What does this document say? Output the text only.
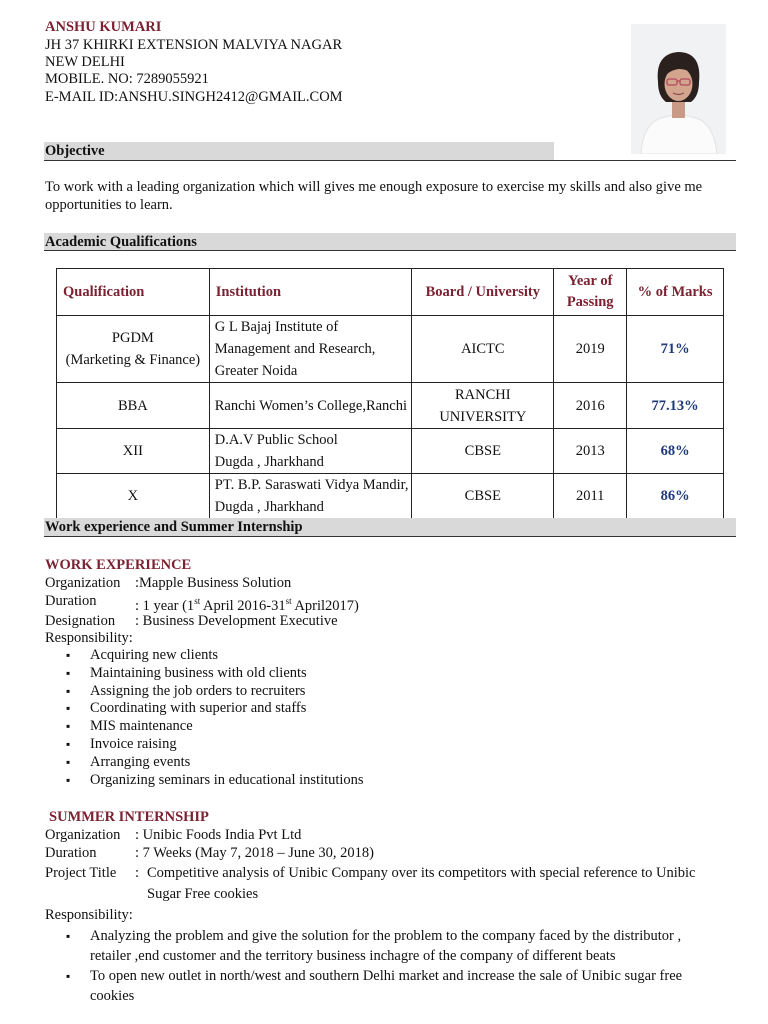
ANSHU KUMARI
JH 37 KHIRKI EXTENSION MALVIYA NAGAR
NEW DELHI
MOBILE. NO: 7289055921
E-MAIL ID:ANSHU.SINGH2412@GMAIL.COM
Objective
To work with a leading organization which will gives me enough exposure to exercise my skills and also give me
opportunities to learn.
Academic Qualifications
Qualification	Institution	Board / University	Year of Passing	% of Marks

PGDM
(Marketing & Finance)	G L Bajaj Institute of Management and Research, Greater Noida	AICTC	2019	71%
BBA	Ranchi Women’s College,Ranchi	RANCHI UNIVERSITY	2016	77.13%
XII	D.A.V Public School Dugda , Jharkhand	CBSE	2013	68%
X	PT. B.P. Saraswati Vidya Mandir, Dugda , Jharkhand	CBSE	2011	86%
Work experience and Summer Internship
WORK EXPERIENCE
Organization :Mapple Business Solution
Duration	: 1 year (1st April 2016-31st April2017)
Designation : Business Development Executive
Responsibility:
▪ Acquiring new clients
▪ Maintaining business with old clients
▪ Assigning the job orders to recruiters
▪ Coordinating with superior and staffs
▪ MIS maintenance
▪ Invoice raising
▪ Arranging events
▪ Organizing seminars in educational institutions
SUMMER INTERNSHIP
Organization : Unibic Foods India Pvt Ltd
Duration	: 7 Weeks (May 7, 2018 – June 30, 2018)
Project Title : Competitive analysis of Unibic Company over its competitors with special reference to Unibic
Sugar Free cookies
Responsibility:
▪ Analyzing the problem and give the solution for the problem to the company faced by the distributor ,
retailer ,end customer and the territory business inchagre of the company of different beats
▪ To open new outlet in north/west and southern Delhi market and increase the sale of Unibic sugar free
cookies
